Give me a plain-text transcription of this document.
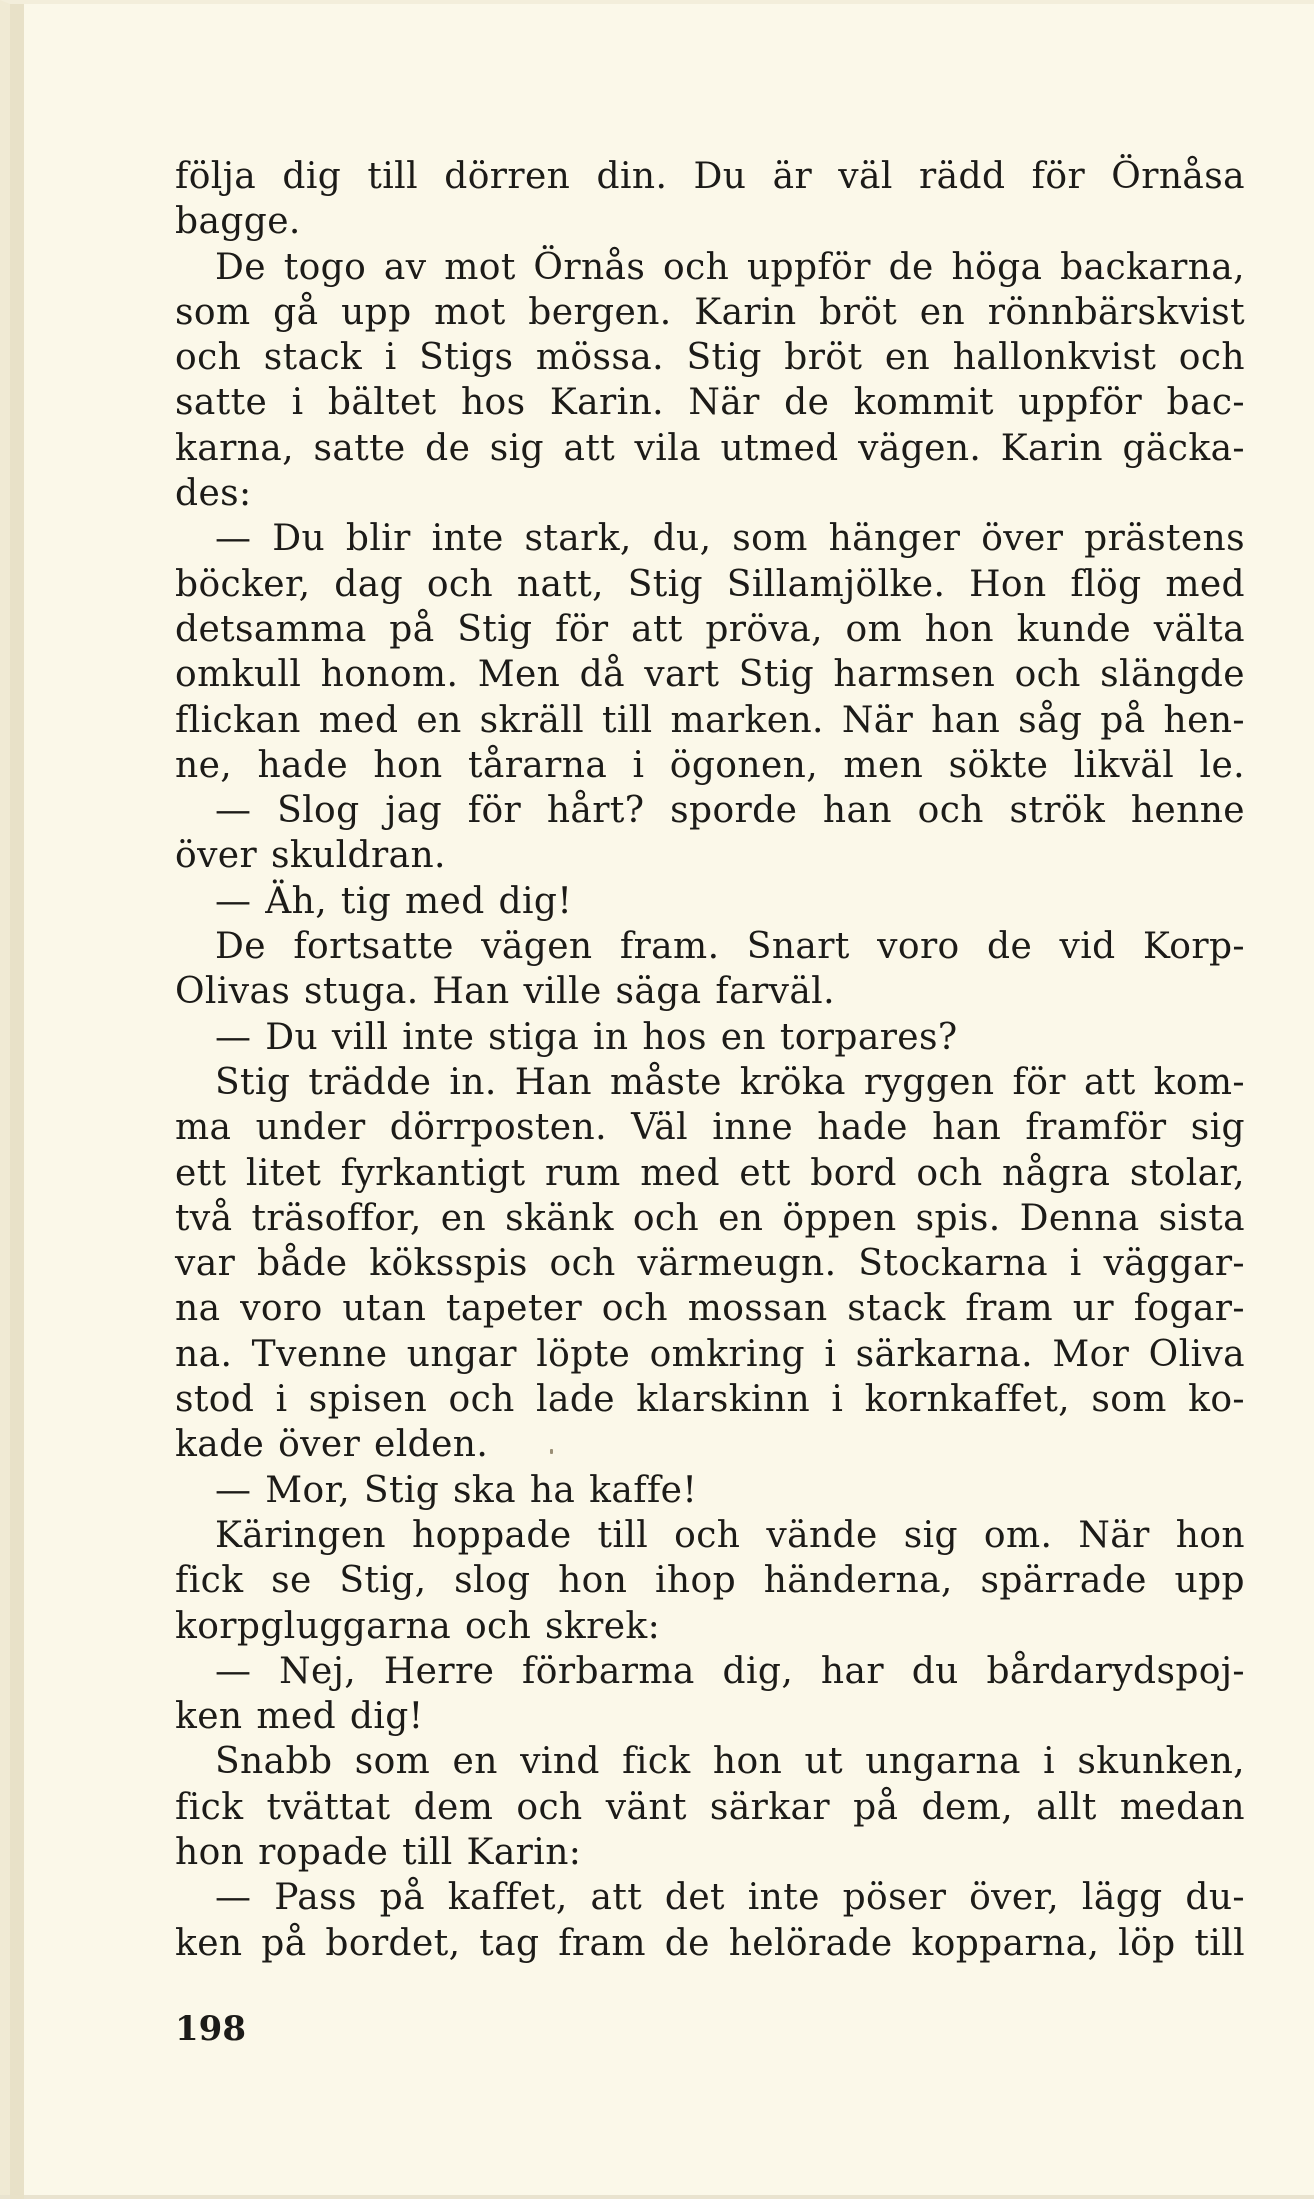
följa dig till dörren din. Du är väl rädd för Örnåsa
bagge.
De togo av mot Örnås och uppför de höga backarna,
som gå upp mot bergen. Karin bröt en rönnbärskvist
och stack i Stigs mössa. Stig bröt en hallonkvist och
satte i bältet hos Karin. När de kommit uppför bac-
karna, satte de sig att vila utmed vägen. Karin gäcka-
des:
— Du blir inte stark, du, som hänger över prästens
böcker, dag och natt, Stig Sillamjölke. Hon flög med
detsamma på Stig för att pröva, om hon kunde välta
omkull honom. Men då vart Stig harmsen och slängde
flickan med en skräll till marken. När han såg på hen-
ne, hade hon tårarna i ögonen, men sökte likväl le.
— Slog jag för hårt? sporde han och strök henne
över skuldran.
— Äh, tig med dig!
De fortsatte vägen fram. Snart voro de vid Korp-
Olivas stuga. Han ville säga farväl.
— Du vill inte stiga in hos en torpares?
Stig trädde in. Han måste kröka ryggen för att kom-
ma under dörrposten. Väl inne hade han framför sig
ett litet fyrkantigt rum med ett bord och några stolar,
två träsoffor, en skänk och en öppen spis. Denna sista
var både köksspis och värmeugn. Stockarna i väggar-
na voro utan tapeter och mossan stack fram ur fogar-
na. Tvenne ungar löpte omkring i särkarna. Mor Oliva
stod i spisen och lade klarskinn i kornkaffet, som ko-
kade över elden.
— Mor, Stig ska ha kaffe!
Käringen hoppade till och vände sig om. När hon
fick se Stig, slog hon ihop händerna, spärrade upp
korpgluggarna och skrek:
— Nej, Herre förbarma dig, har du bårdarydspoj-
ken med dig!
Snabb som en vind fick hon ut ungarna i skunken,
fick tvättat dem och vänt särkar på dem, allt medan
hon ropade till Karin:
— Pass på kaffet, att det inte pöser över, lägg du-
ken på bordet, tag fram de helörade kopparna, löp till
198
